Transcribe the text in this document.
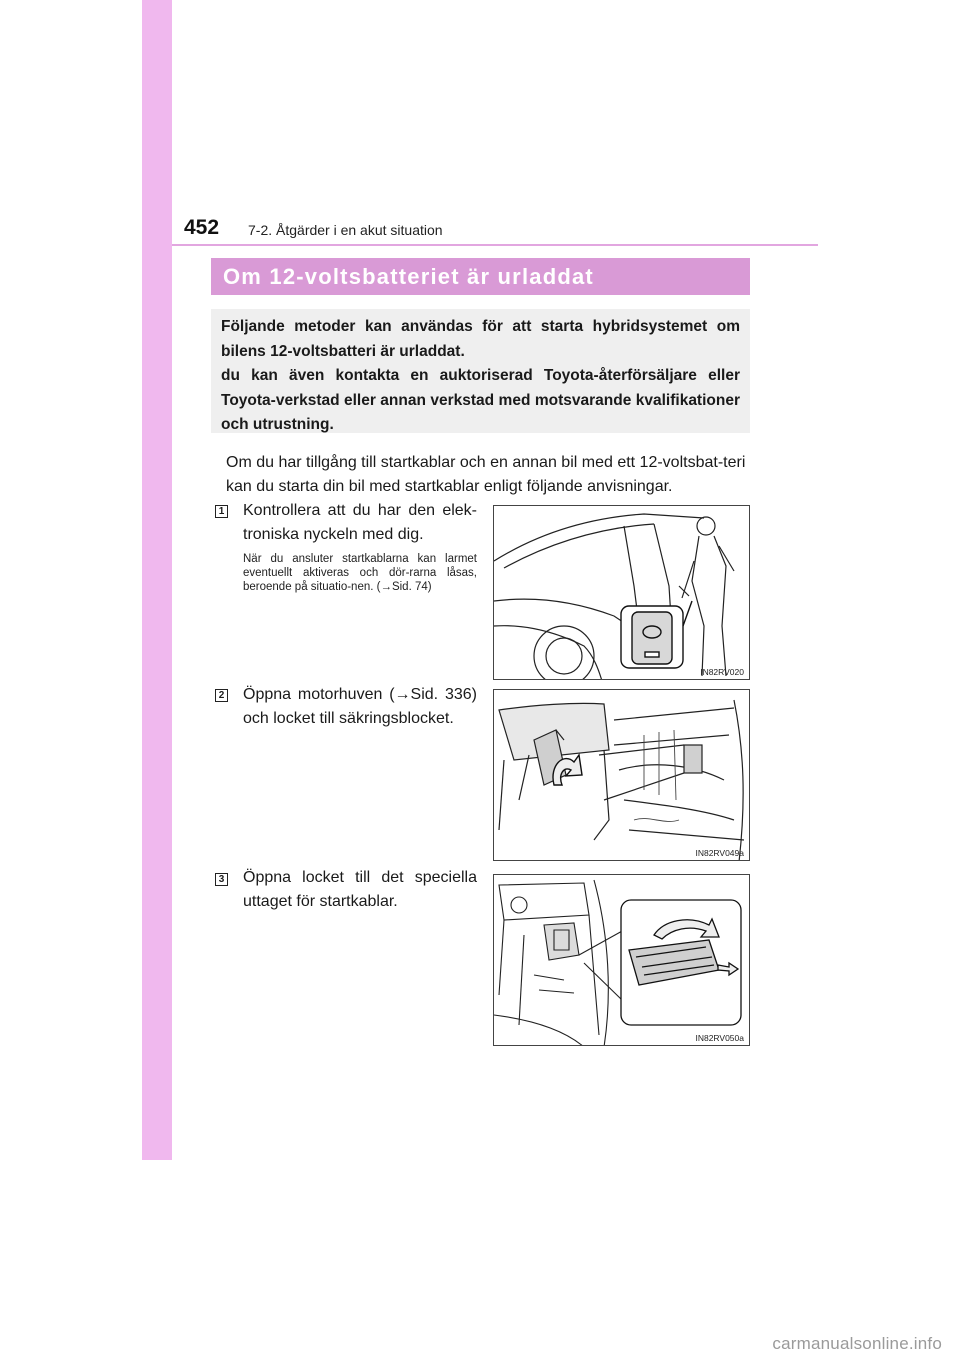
452 7-2. Åtgärder i en akut situation
Om 12-voltsbatteriet är urladdat

Följande metoder kan användas för att starta hybridsystemet om bilens 12-voltsbatteri är urladdat.

du kan även kontakta en auktoriserad Toyota-återförsäljare eller Toyota-verkstad eller annan verkstad med motsvarande kvalifikationer och utrustning.

Om du har tillgång till startkablar och en annan bil med ett 12-voltsbat-teri kan du starta din bil med startkablar enligt följande anvisningar.

1 Kontrollera att du har den elek-troniska nyckeln med dig.

När du ansluter startkablarna kan larmet eventuellt aktiveras och dör-rarna låsas, beroende på situatio-nen. (→Sid. 74)

IN82RV020
2 Öppna motorhuven (→Sid. 336) och locket till säkringsblocket.

IN82RV049a
3 Öppna locket till det speciella uttaget för startkablar.

IN82RV050a
carmanualsonline.info
